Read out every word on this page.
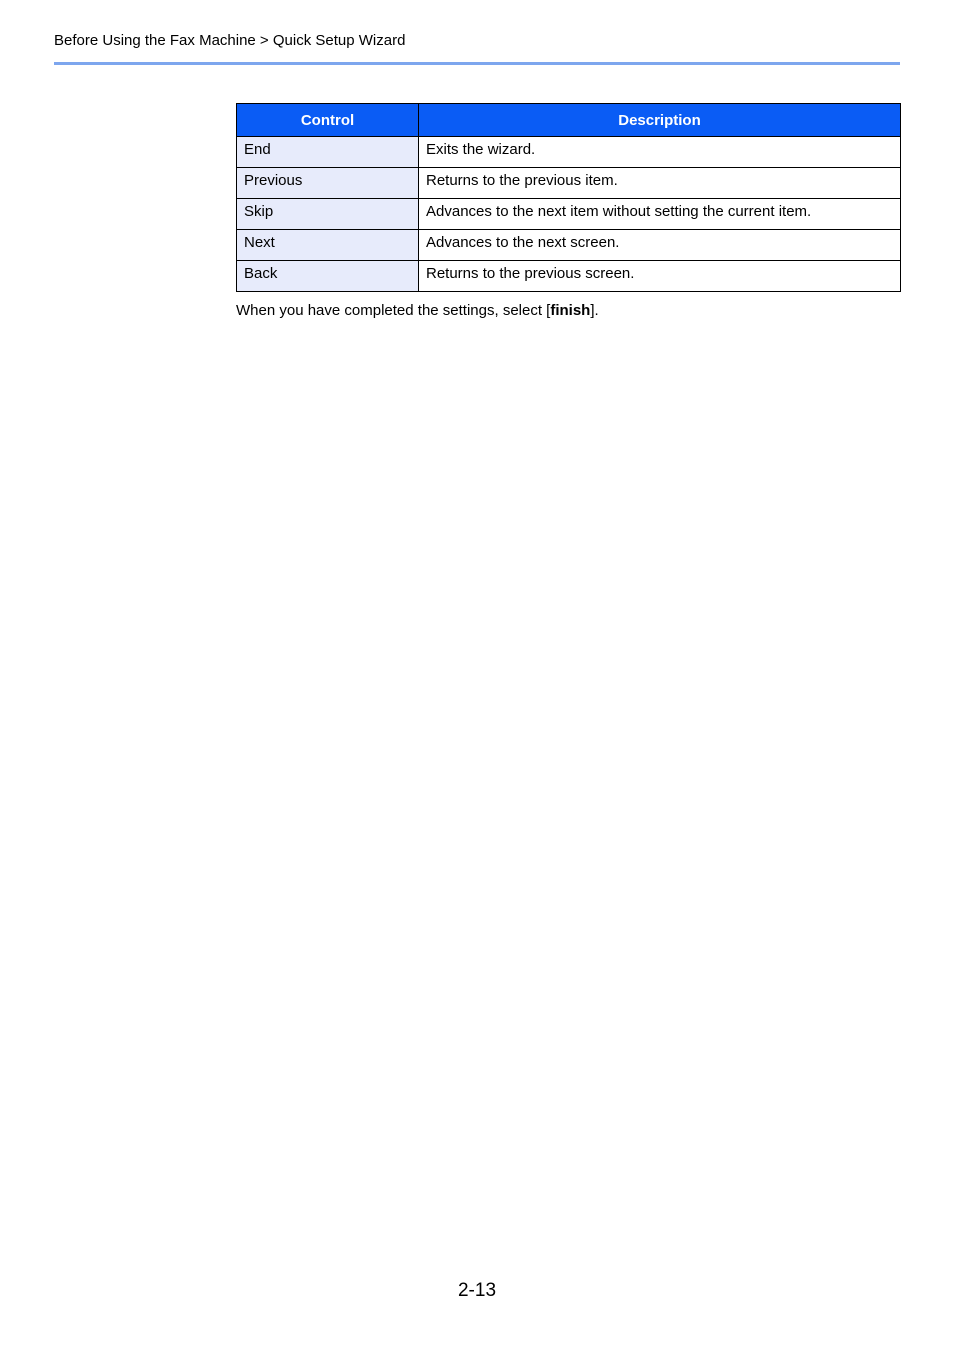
Before Using the Fax Machine > Quick Setup Wizard
Control	Description
End	Exits the wizard.
Previous	Returns to the previous item.
Skip	Advances to the next item without setting the current item.
Next	Advances to the next screen.
Back	Returns to the previous screen.
When you have completed the settings, select [finish].
2-13
